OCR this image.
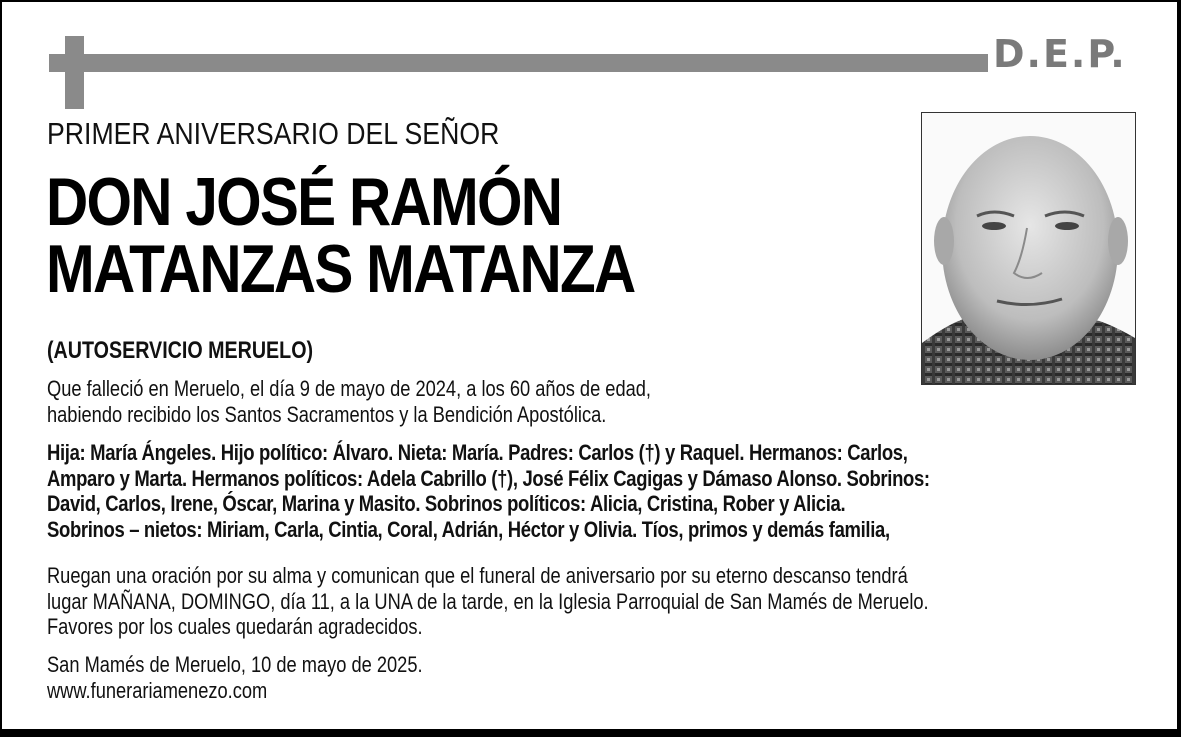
D.E.P.
PRIMER ANIVERSARIO DEL SEÑOR
DON JOSÉ RAMÓN
MATANZAS MATANZA
(AUTOSERVICIO MERUELO)
Que falleció en Meruelo, el día 9 de mayo de 2024, a los 60 años de edad,
habiendo recibido los Santos Sacramentos y la Bendición Apostólica.
Hija: María Ángeles. Hijo político: Álvaro. Nieta: María. Padres: Carlos (†) y Raquel. Hermanos: Carlos,
Amparo y Marta. Hermanos políticos: Adela Cabrillo (†), José Félix Cagigas y Dámaso Alonso. Sobrinos:
David, Carlos, Irene, Óscar, Marina y Masito. Sobrinos políticos: Alicia, Cristina, Rober y Alicia.
Sobrinos – nietos: Miriam, Carla, Cintia, Coral, Adrián, Héctor y Olivia. Tíos, primos y demás familia,
Ruegan una oración por su alma y comunican que el funeral de aniversario por su eterno descanso tendrá
lugar MAÑANA, DOMINGO, día 11, a la UNA de la tarde, en la Iglesia Parroquial de San Mamés de Meruelo.
Favores por los cuales quedarán agradecidos.
San Mamés de Meruelo, 10 de mayo de 2025.
www.funerariamenezo.com
